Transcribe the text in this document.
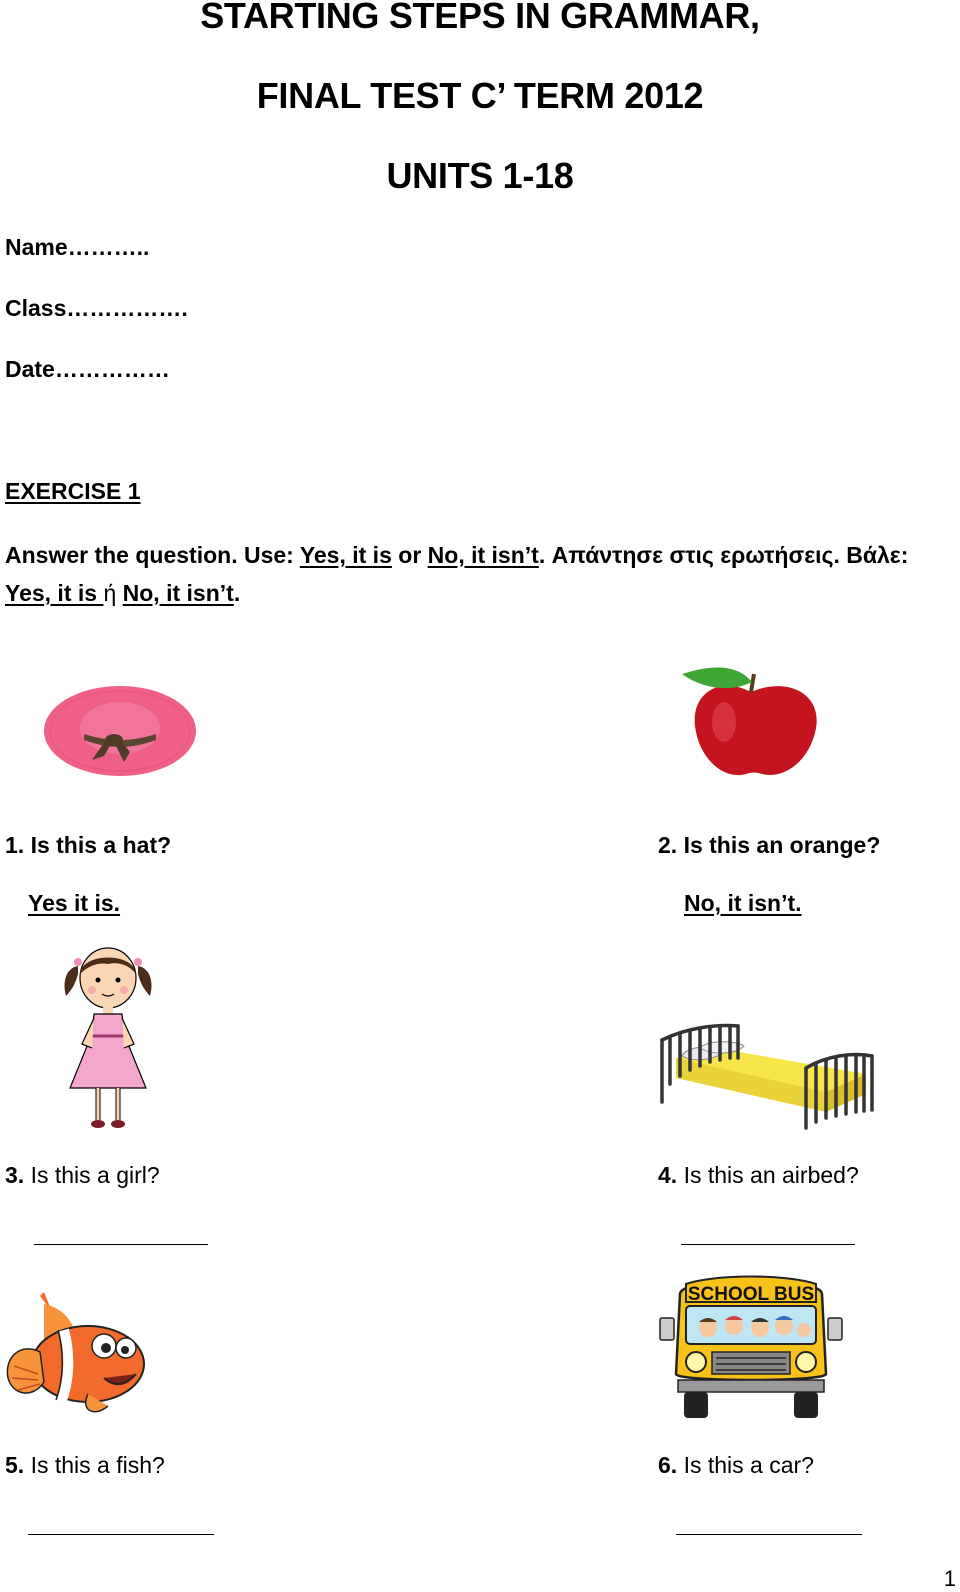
STARTING STEPS IN GRAMMAR,
FINAL TEST C’ TERM 2012
UNITS 1-18
Name………..
Class…………….
Date……………
EXERCISE 1
Answer the question. Use: Yes, it is or No, it isn’t. Απάντησε στις ερωτήσεις. Βάλε: Yes, it is ή No, it isn’t.
1. Is this a hat?
Yes it is.
2. Is this an orange?
No, it isn’t.
3. Is this a girl?	4. Is this an airbed?
SCHOOL BUS
5. Is this a fish?	6. Is this a car?
1
